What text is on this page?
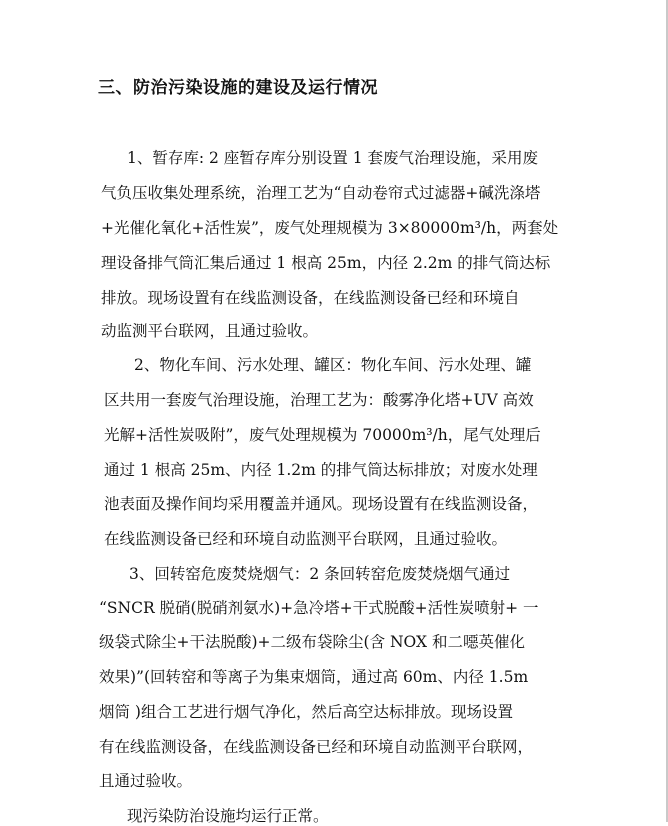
三、防治污染设施的建设及运行情况
1、暂存库: 2 座暂存库分别设置 1 套废气治理设施，采用废
气负压收集处理系统，治理工艺为“自动卷帘式过滤器+碱洗涤塔
+光催化氧化+活性炭”，废气处理规模为 3×80000m³/h，两套处
理设备排气筒汇集后通过 1 根高 25m，内径 2.2m 的排气筒达标
排放。现场设置有在线监测设备，在线监测设备已经和环境自
动监测平台联网，且通过验收。
2、物化车间、污水处理、罐区：物化车间、污水处理、罐
区共用一套废气治理设施，治理工艺为：酸雾净化塔+UV 高效
光解+活性炭吸附”，废气处理规模为 70000m³/h，尾气处理后
通过 1 根高 25m、内径 1.2m 的排气筒达标排放；对废水处理
池表面及操作间均采用覆盖并通风。现场设置有在线监测设备，
在线监测设备已经和环境自动监测平台联网，且通过验收。
3、回转窑危废焚烧烟气：2 条回转窑危废焚烧烟气通过
“SNCR 脱硝(脱硝剂氨水)+急冷塔+干式脱酸+活性炭喷射+ 一
级袋式除尘+干法脱酸)+二级布袋除尘(含 NOX 和二噁英催化
效果)”(回转窑和等离子为集束烟筒，通过高 60m、内径 1.5m
烟筒 )组合工艺进行烟气净化，然后高空达标排放。现场设置
有在线监测设备，在线监测设备已经和环境自动监测平台联网，
且通过验收。
现污染防治设施均运行正常。
